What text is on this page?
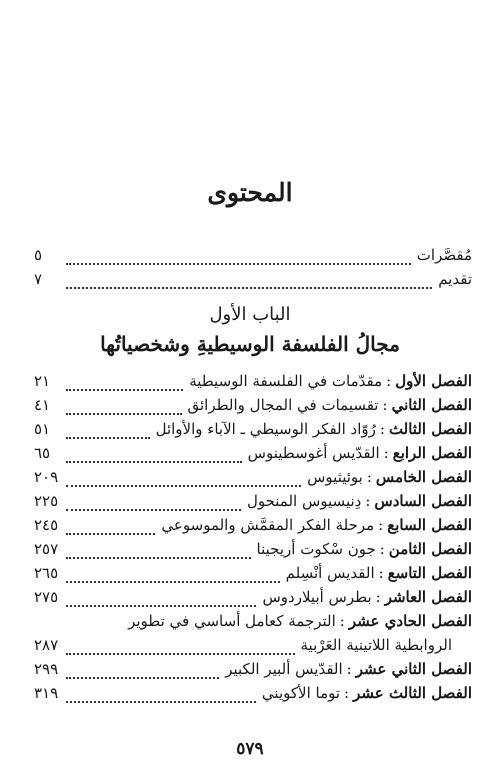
المحتوى
مُقصَّرات
٥
تقديم
٧
الباب الأول
مجالُ الفلسفة الوسيطيةِ وشخصياتُها
الفصل الأول
:
مقدّمات في الفلسفة الوسيطية
٢١
الفصل الثاني
:
تقسيمات في المجال والطرائق
٤١
الفصل الثالث
:
رُوّاد الفكر الوسيطي ـ الآباء والأوائل
٥١
الفصل الرابع
:
القدّيس أغوسطينوس
٦٥
الفصل الخامس
:
بوئيثيوس
٢٠٩
الفصل السادس
:
دِنيسيوس المنحول
٢٢٥
الفصل السابع
:
مرحلة الفكر المقمَّش والموسوعي
٢٤٥
الفصل الثامن
:
جون سْكوت أريجينا
٢٥٧
الفصل التاسع
:
القديس أنْسِلم
٢٦٥
الفصل العاشر
:
بطرس أبيلاردوس
٢٧٥
الفصل الحادي عشر
:
الترجمة كعامل أساسي في تطوير
الروابطية اللاتينية العَرْبية
٢٨٧
الفصل الثاني عشر
:
القدّيس ألبير الكبير
٢٩٩
الفصل الثالث عشر
:
توما الأكويني
٣١٩
٥٧٩
